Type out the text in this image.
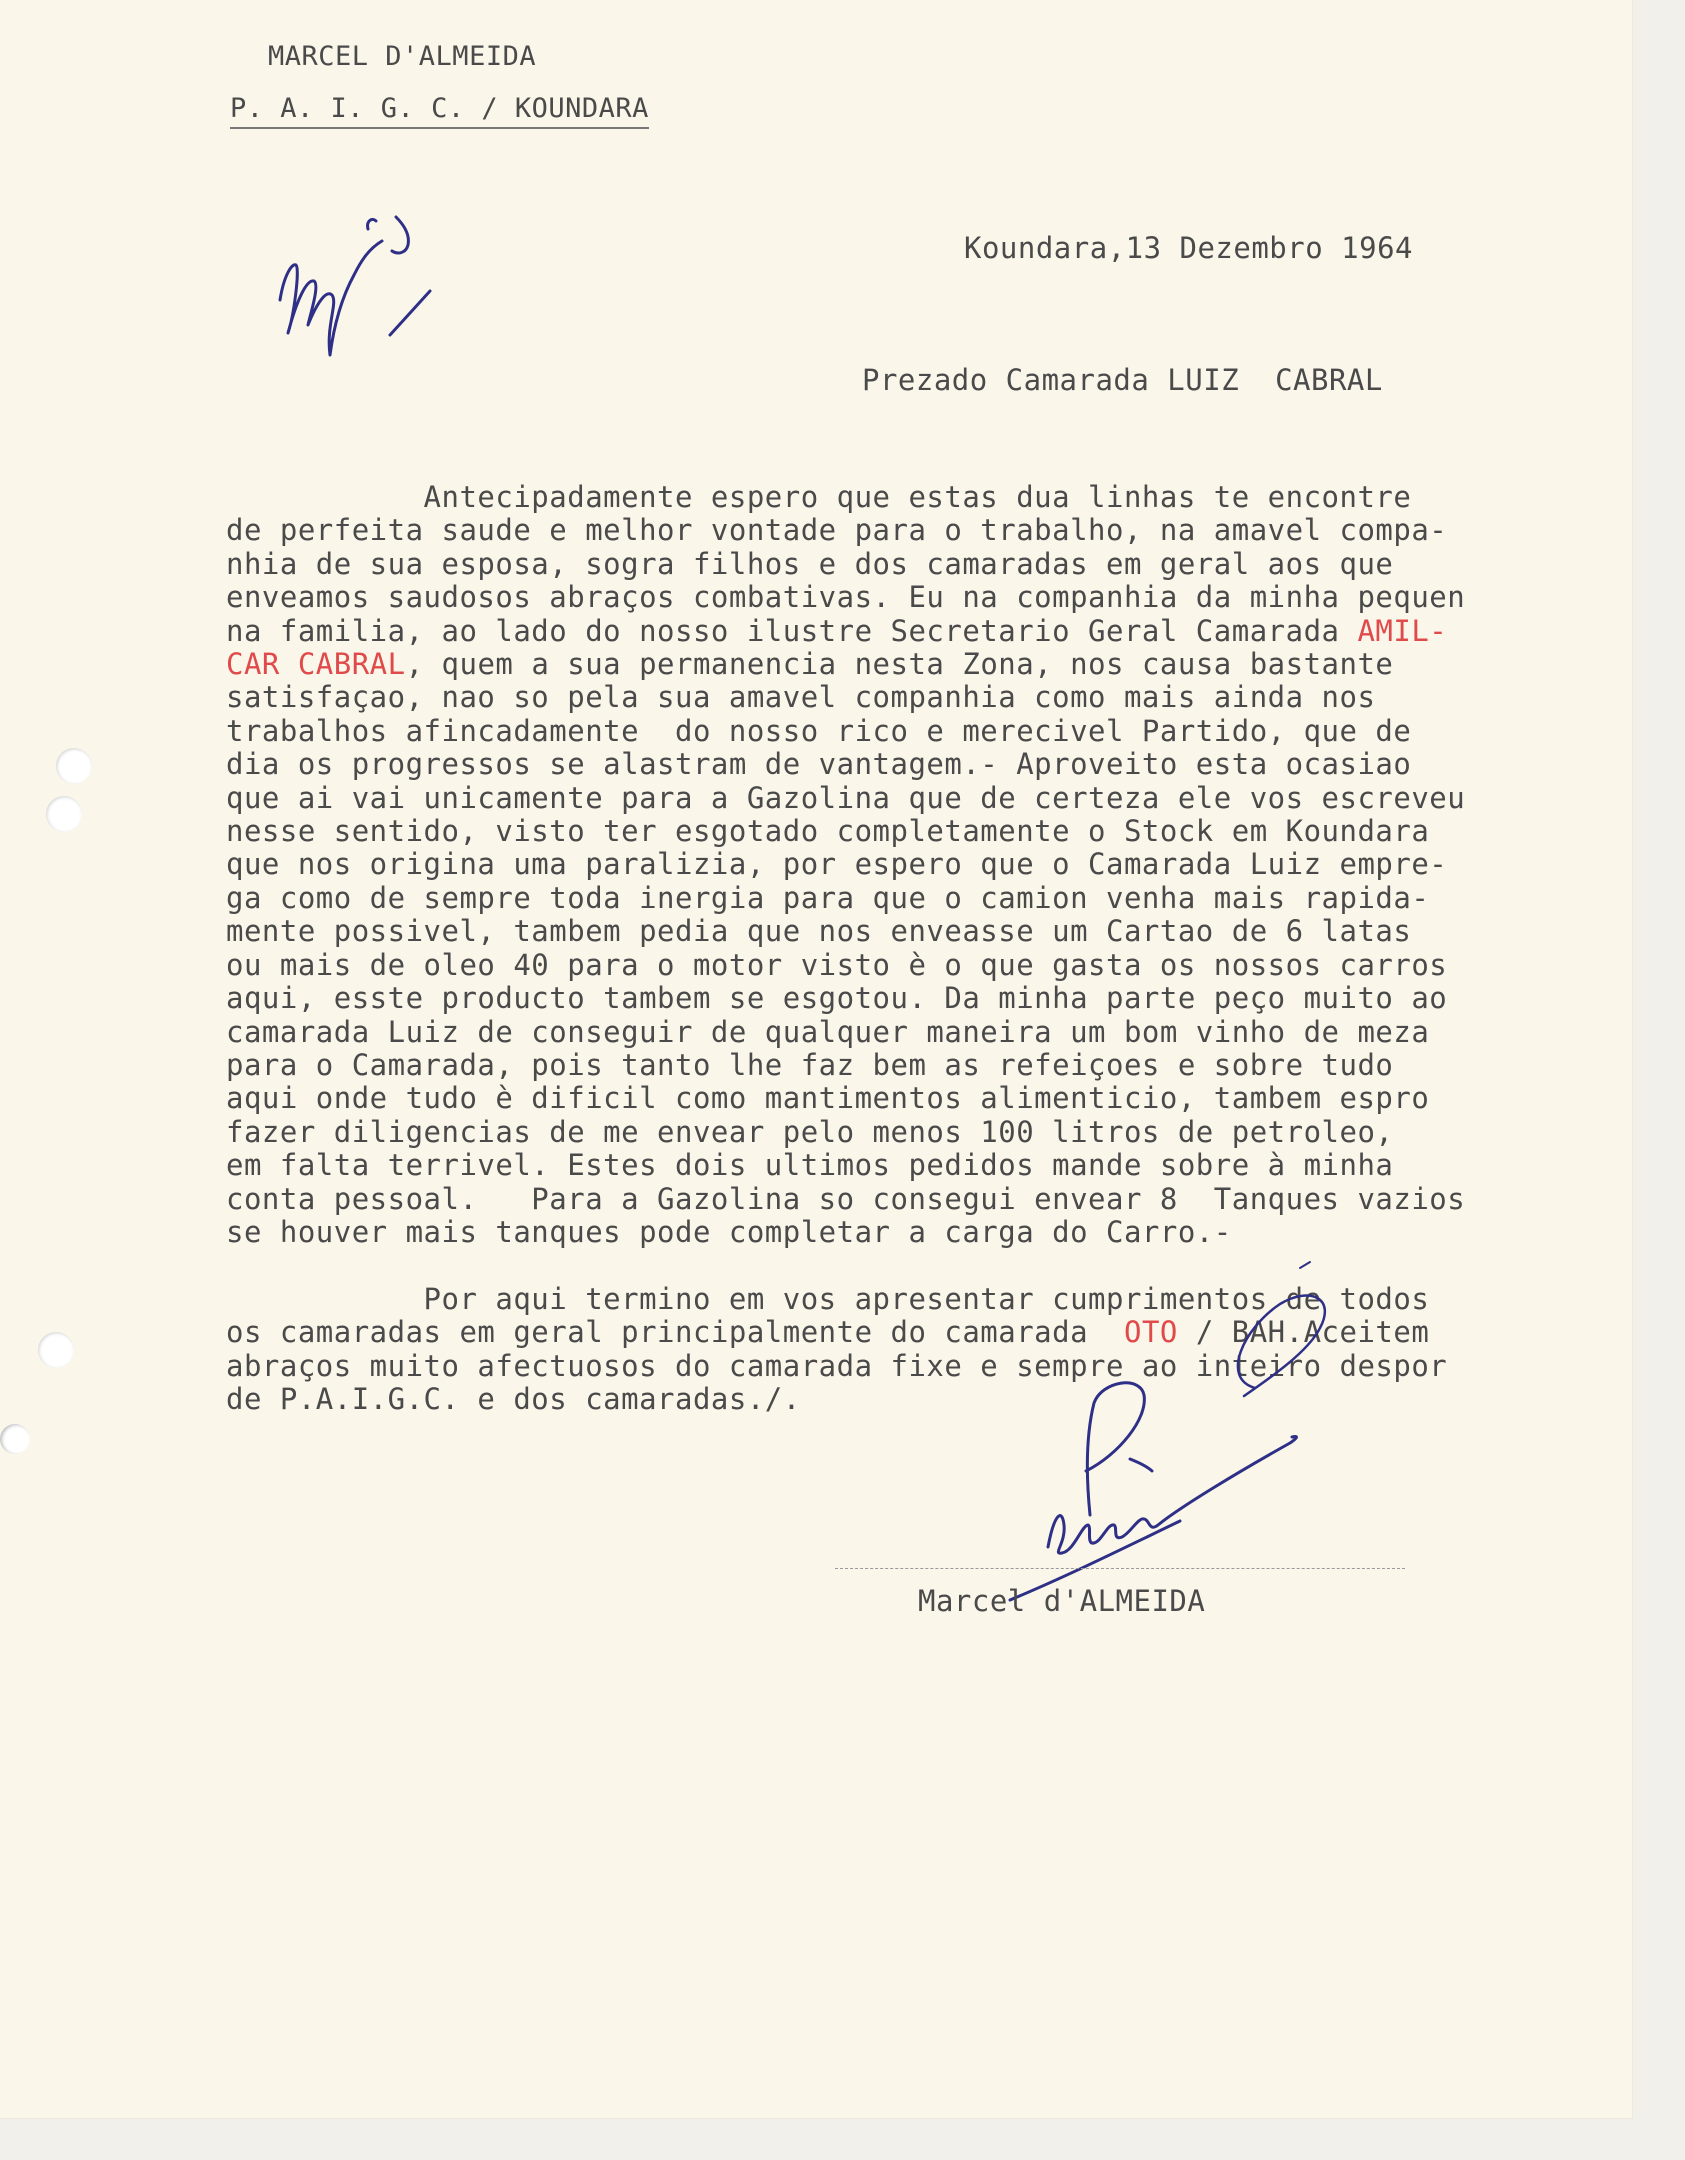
MARCEL D'ALMEIDA
P. A. I. G. C. / KOUNDARA
Koundara,13 Dezembro 1964
Prezado Camarada LUIZ  CABRAL
Antecipadamente espero que estas dua linhas te encontre
de perfeita saude e melhor vontade para o trabalho, na amavel compa-
nhia de sua esposa, sogra filhos e dos camaradas em geral aos que
enveamos saudosos abraços combativas. Eu na companhia da minha pequen
na familia, ao lado do nosso ilustre Secretario Geral Camarada AMIL-
CAR CABRAL, quem a sua permanencia nesta Zona, nos causa bastante
satisfaçao, nao so pela sua amavel companhia como mais ainda nos
trabalhos afincadamente  do nosso rico e merecivel Partido, que de
dia os progressos se alastram de vantagem.- Aproveito esta ocasiao
que ai vai unicamente para a Gazolina que de certeza ele vos escreveu
nesse sentido, visto ter esgotado completamente o Stock em Koundara
que nos origina uma paralizia, por espero que o Camarada Luiz empre-
ga como de sempre toda inergia para que o camion venha mais rapida-
mente possivel, tambem pedia que nos enveasse um Cartao de 6 latas
ou mais de oleo 40 para o motor visto è o que gasta os nossos carros
aqui, esste producto tambem se esgotou. Da minha parte peço muito ao
camarada Luiz de conseguir de qualquer maneira um bom vinho de meza
para o Camarada, pois tanto lhe faz bem as refeiçoes e sobre tudo
aqui onde tudo è dificil como mantimentos alimenticio, tambem espro
fazer diligencias de me envear pelo menos 100 litros de petroleo,
em falta terrivel. Estes dois ultimos pedidos mande sobre à minha
conta pessoal.   Para a Gazolina so consegui envear 8  Tanques vazios
se houver mais tanques pode completar a carga do Carro.-
Por aqui termino em vos apresentar cumprimentos de todos
os camaradas em geral principalmente do camarada  OTO / BAH.Aceitem
abraços muito afectuosos do camarada fixe e sempre ao inteiro despor
de P.A.I.G.C. e dos camaradas./.
Marcel d'ALMEIDA
